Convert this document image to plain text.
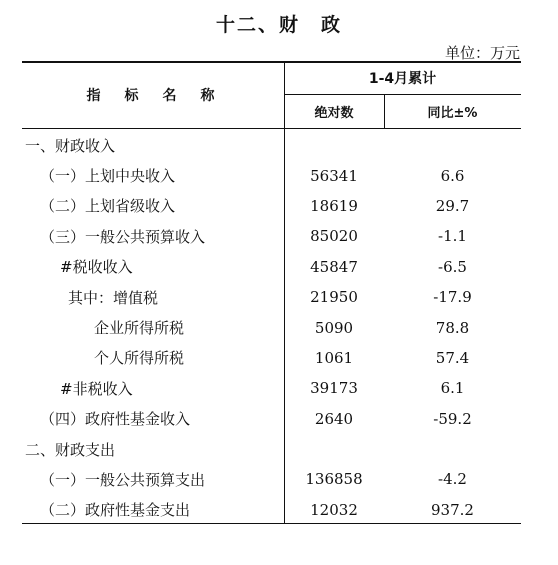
十二、财　政
单位：万元
指　标　名　称
1-4月累计
绝对数	同比±%
一、财政收入
（一）上划中央收入	56341	6.6
（二）上划省级收入	18619	29.7
（三）一般公共预算收入	85020	-1.1
#税收收入	45847	-6.5
其中：增值税	21950	-17.9
企业所得所税	5090	78.8
个人所得所税	1061	57.4
#非税收入	39173	6.1
（四）政府性基金收入	2640	-59.2
二、财政支出
（一）一般公共预算支出	136858	-4.2
（二）政府性基金支出	12032	937.2
